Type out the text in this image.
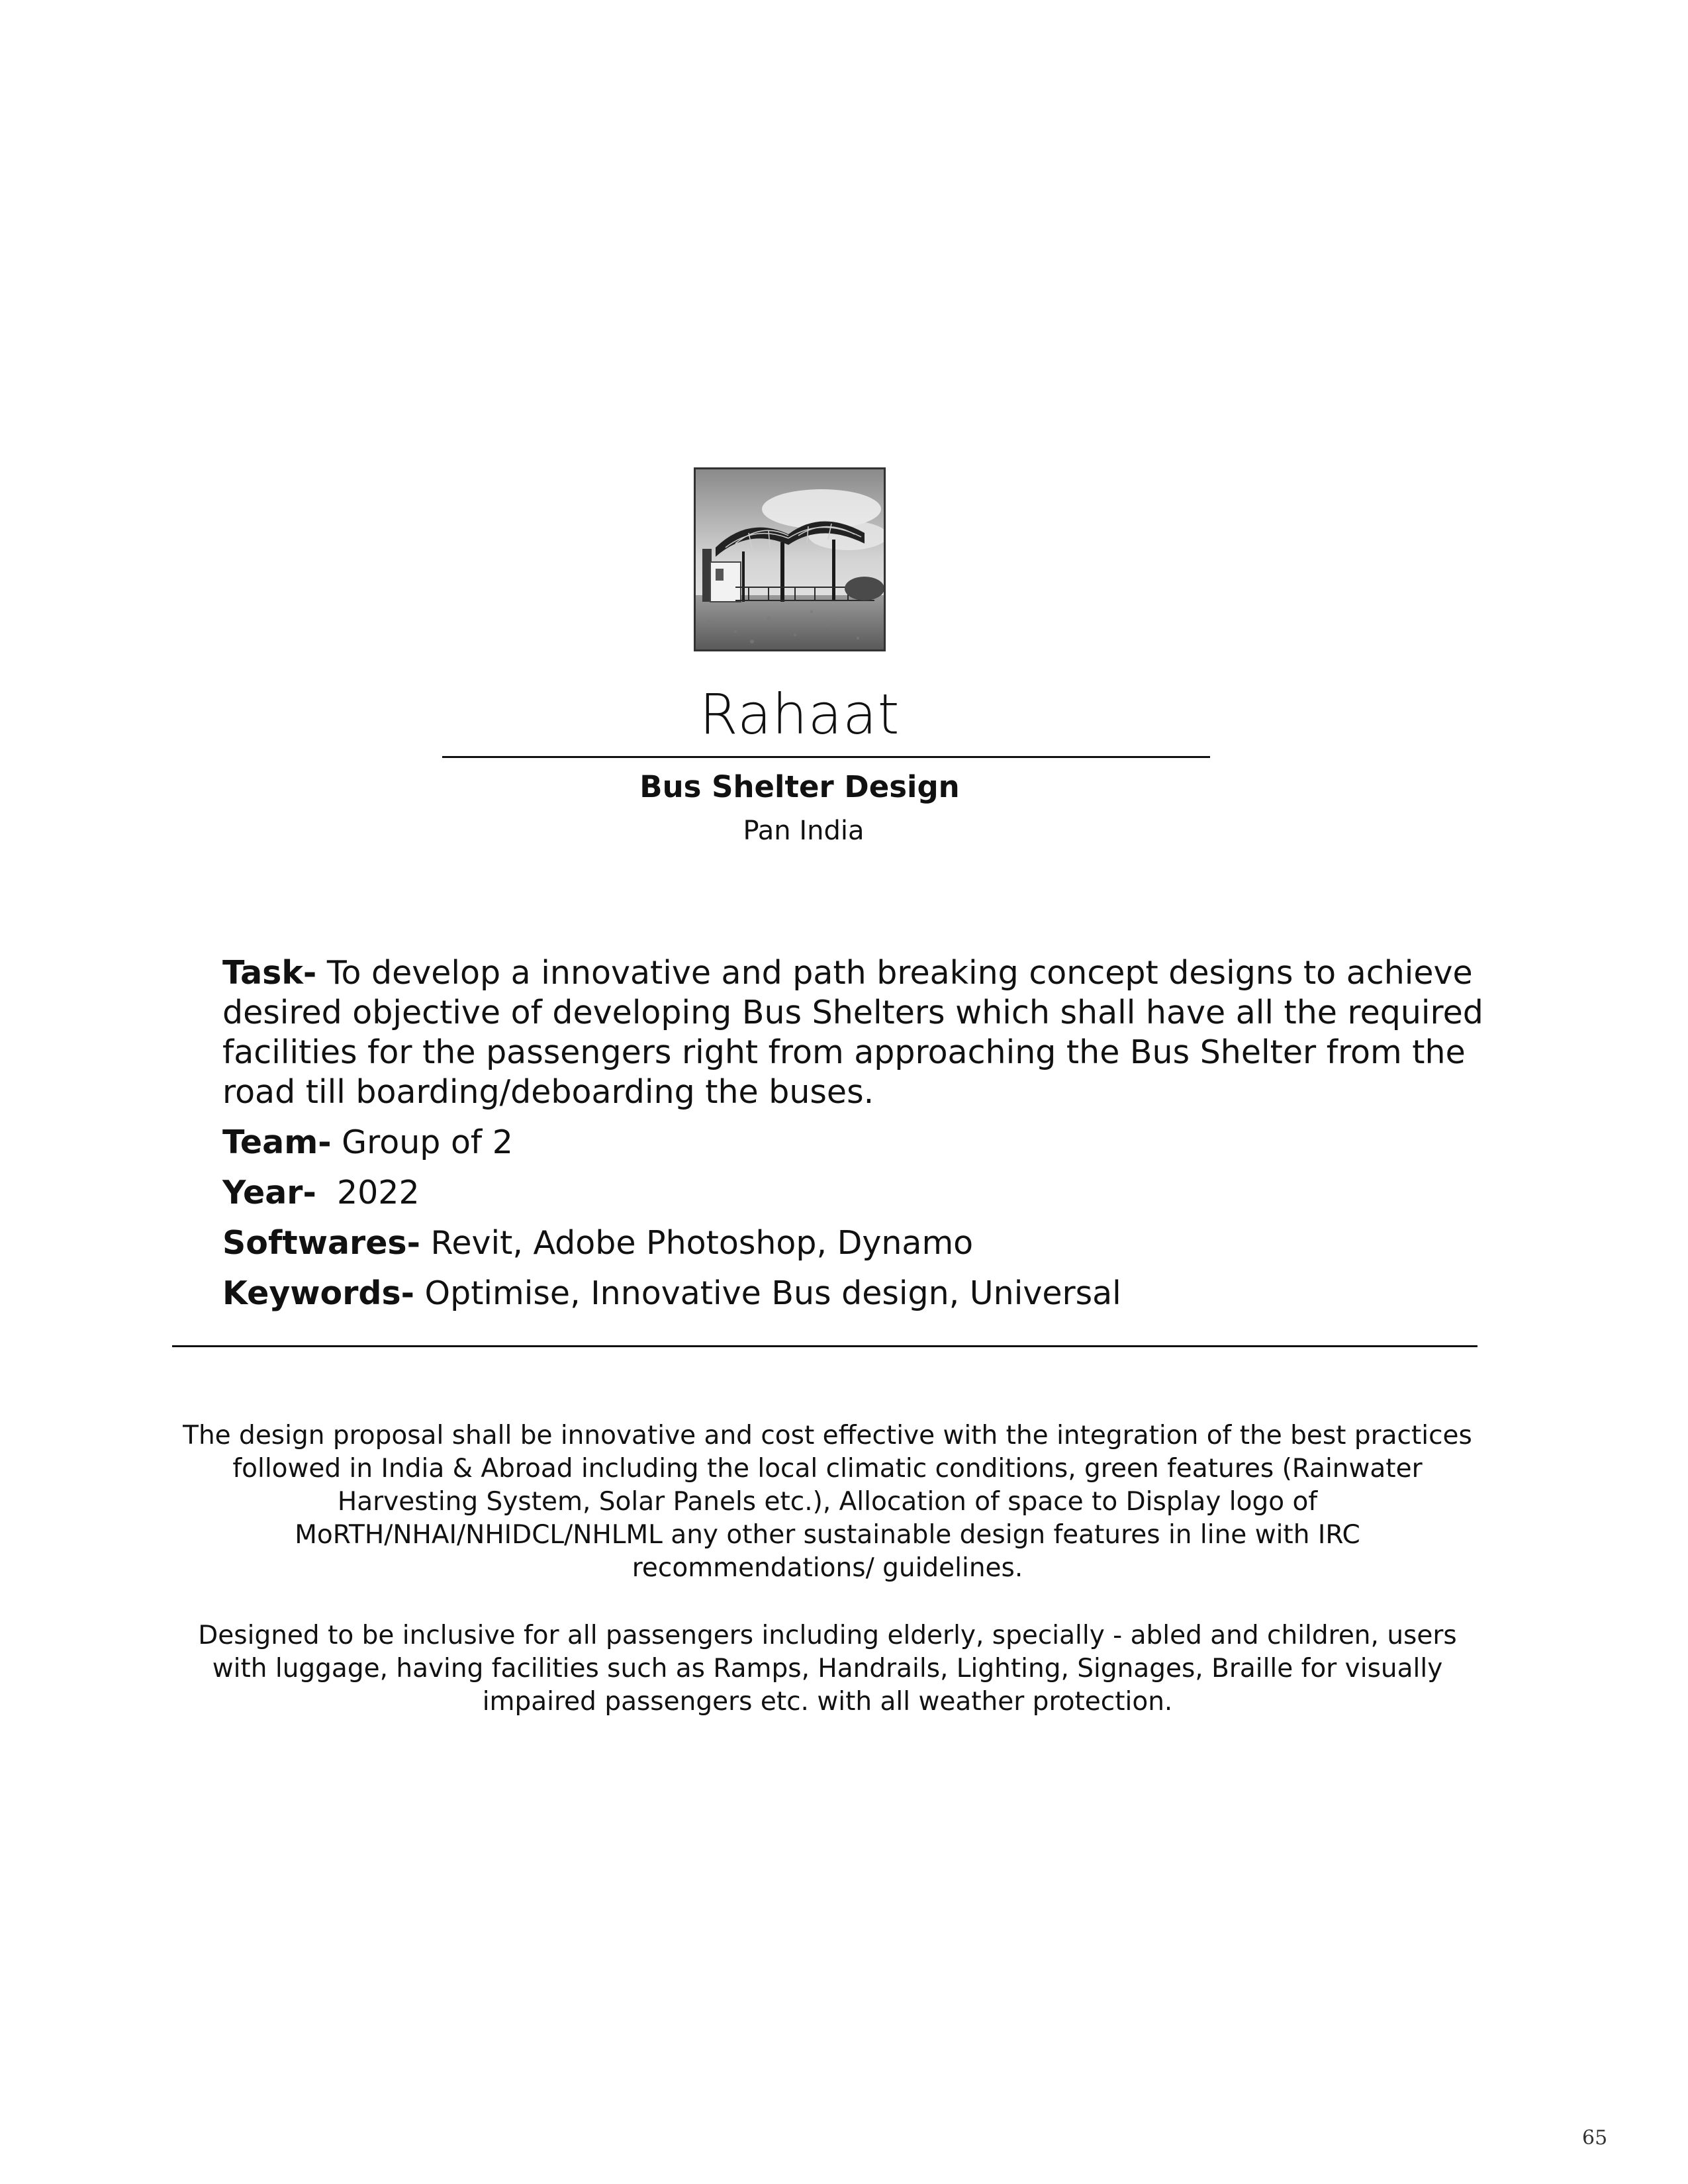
Rahaat
Bus Shelter Design
Pan India

Task- To develop a innovative and path breaking concept designs to achieve desired objective of developing Bus Shelters which shall have all the required facilities for the passengers right from approaching the Bus Shelter from the road till boarding/deboarding the buses.

Team- Group of 2

Year-  2022

Softwares- Revit, Adobe Photoshop, Dynamo

Keywords- Optimise, Innovative Bus design, Universal

The design proposal shall be innovative and cost effective with the integration of the best practices followed in India & Abroad including the local climatic conditions, green features (Rainwater Harvesting System, Solar Panels etc.), Allocation of space to Display logo of MoRTH/NHAI/NHIDCL/NHLML any other sustainable design features in line with IRC recommendations/ guidelines.

Designed to be inclusive for all passengers including elderly, specially - abled and children, users with luggage, having facilities such as Ramps, Handrails, Lighting, Signages, Braille for visually impaired passengers etc. with all weather protection.

65
